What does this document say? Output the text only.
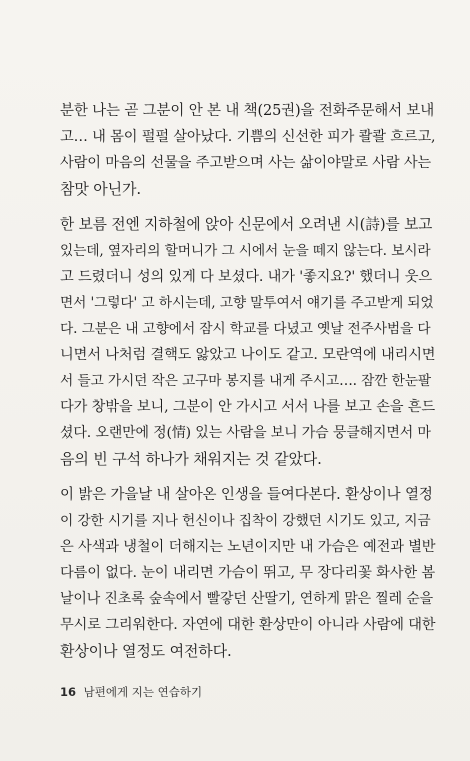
분한 나는 곧 그분이 안 본 내 책(25권)을 전화주문해서 보내
고… 내 몸이 펄펄 살아났다. 기쁨의 신선한 피가 콸콸 흐르고,
사람이 마음의 선물을 주고받으며 사는 삶이야말로 사람 사는
참맛 아닌가.
한 보름 전엔 지하철에 앉아 신문에서 오려낸 시(詩)를 보고
있는데, 옆자리의 할머니가 그 시에서 눈을 떼지 않는다. 보시라
고 드렸더니 성의 있게 다 보셨다. 내가 '좋지요?' 했더니 웃으
면서 '그렇다' 고 하시는데, 고향 말투여서 얘기를 주고받게 되었
다. 그분은 내 고향에서 잠시 학교를 다녔고 옛날 전주사범을 다
니면서 나처럼 결핵도 앓았고 나이도 같고. 모란역에 내리시면
서 들고 가시던 작은 고구마 봉지를 내게 주시고…. 잠깐 한눈팔
다가 창밖을 보니, 그분이 안 가시고 서서 나를 보고 손을 흔드
셨다. 오랜만에 정(情) 있는 사람을 보니 가슴 뭉클해지면서 마
음의 빈 구석 하나가 채워지는 것 같았다.
이 밝은 가을날 내 살아온 인생을 들여다본다. 환상이나 열정
이 강한 시기를 지나 헌신이나 집착이 강했던 시기도 있고, 지금
은 사색과 냉철이 더해지는 노년이지만 내 가슴은 예전과 별반
다름이 없다. 눈이 내리면 가슴이 뛰고, 무 장다리꽃 화사한 봄
날이나 진초록 숲속에서 빨갛던 산딸기, 연하게 맑은 찔레 순을
무시로 그리워한다. 자연에 대한 환상만이 아니라 사람에 대한
환상이나 열정도 여전하다.
16 남편에게 지는 연습하기
